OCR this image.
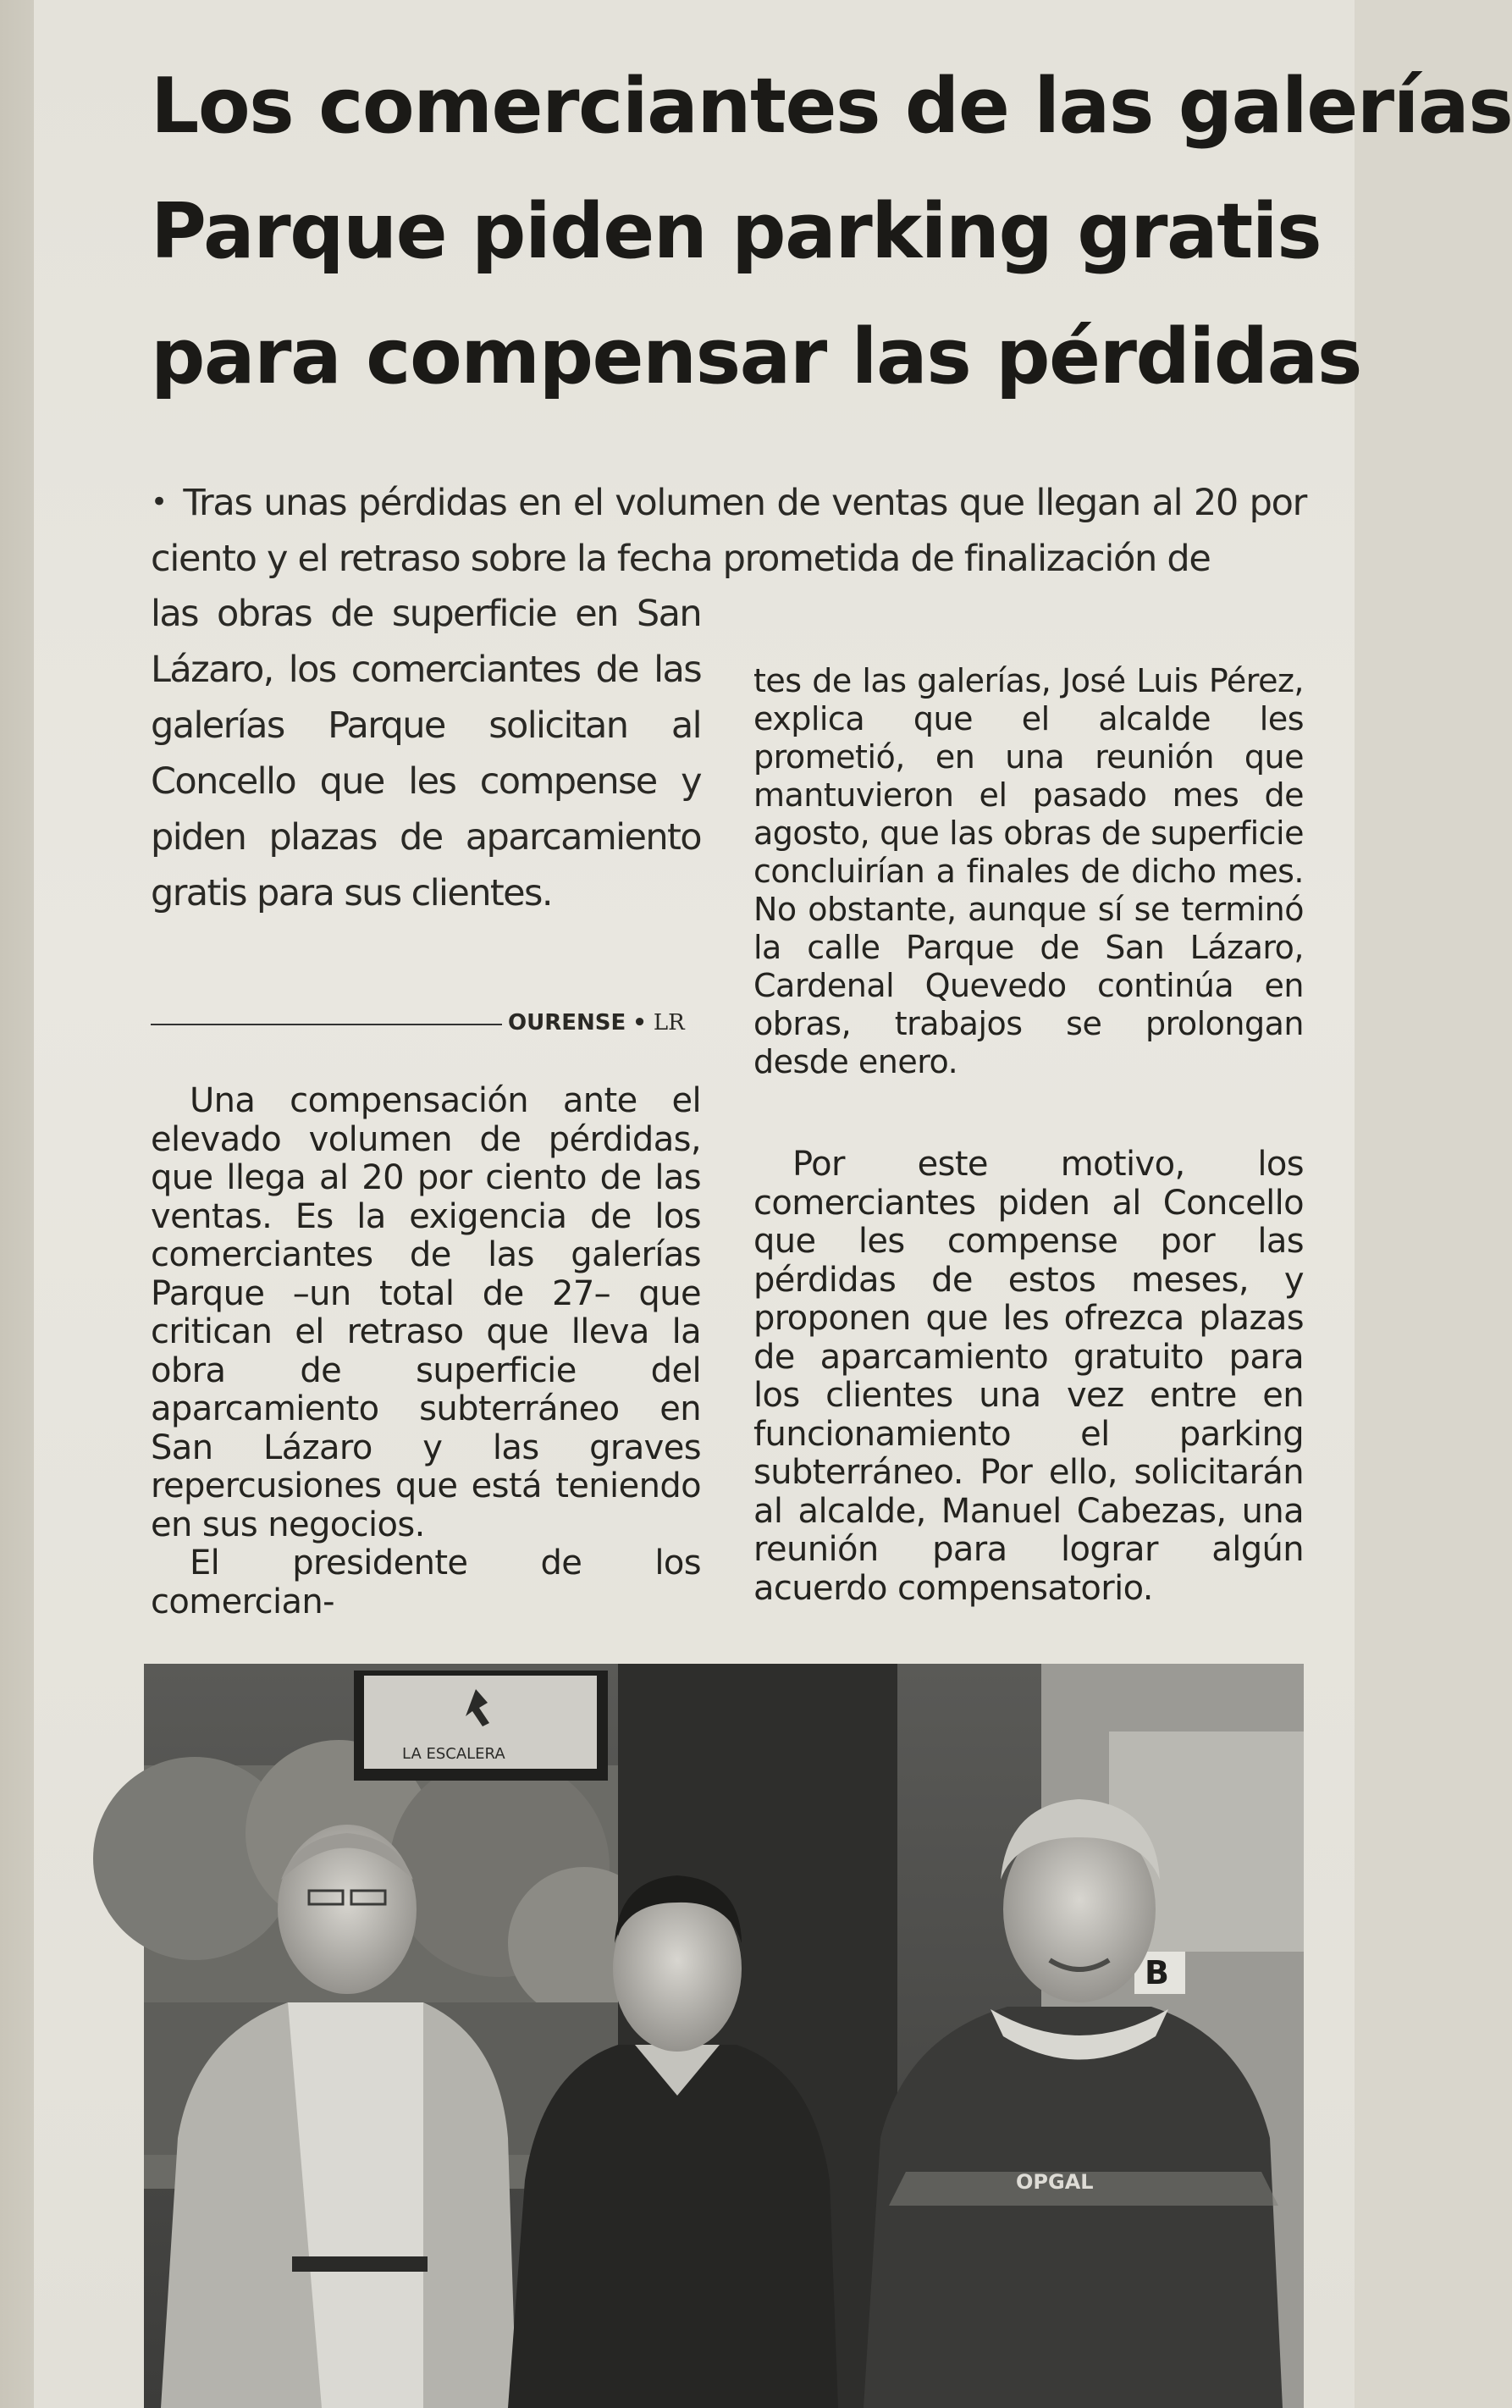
Los comerciantes de las galerías
Parque piden parking gratis
para compensar las pérdidas
• Tras unas pérdidas en el volumen de ventas que llegan al 20 por ciento y el retraso sobre la fecha prometida de finalización de
las obras de superficie en San Lázaro, los comerciantes de las galerías Parque solicitan al Concello que les compense y piden plazas de aparcamiento gratis para sus clientes.
OURENSE • LR

Una compensación ante el elevado volumen de pérdidas, que llega al 20 por ciento de las ventas. Es la exigencia de los comerciantes de las galerías Parque –un total de 27– que critican el retraso que lleva la obra de superficie del aparcamiento subterráneo en San Lázaro y las graves repercusiones que está teniendo en sus negocios.

El presidente de los comercian-

tes de las galerías, José Luis Pérez, explica que el alcalde les prometió, en una reunión que mantuvieron el pasado mes de agosto, que las obras de superficie concluirían a finales de dicho mes. No obstante, aunque sí se terminó la calle Parque de San Lázaro, Cardenal Quevedo continúa en obras, trabajos se prolongan desde enero.

Por este motivo, los comerciantes piden al Concello que les compense por las pérdidas de estos meses, y proponen que les ofrezca plazas de aparcamiento gratuito para los clientes una vez entre en funcionamiento el parking subterráneo. Por ello, solicitarán al alcalde, Manuel Cabezas, una reunión para lograr algún acuerdo compensatorio.

B
LA ESCALERA
OPGAL
